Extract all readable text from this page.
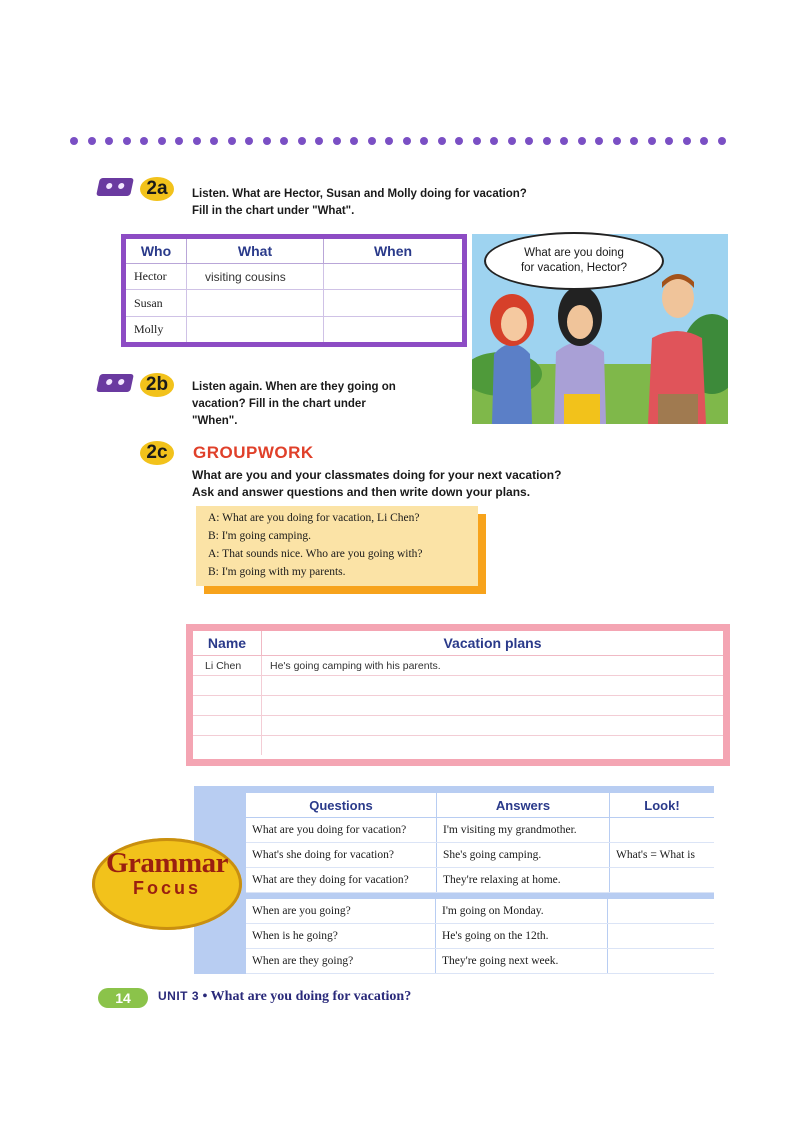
2a	Listen. What are Hector, Susan and Molly doing for vacation?
Fill in the chart under "What".
Who	What	When
Hector	visiting cousins	
Susan		
Molly		
What are you doing
for vacation, Hector?
2b	Listen again. When are they going on
vacation? Fill in the chart under
"When".
2c	GROUPWORK
What are you and your classmates doing for your next vacation?
Ask and answer questions and then write down your plans.
A: What are you doing for vacation, Li Chen?
B: I'm going camping.
A: That sounds nice. Who are you going with?
B: I'm going with my parents.
Name	Vacation plans
Li Chen	He's going camping with his parents.

Questions	Answers	Look!
What are you doing for vacation?	I'm visiting my grandmother.	
What's she doing for vacation?	She's going camping.	What's = What is
What are they doing for vacation?	They're relaxing at home.	
When are you going?	I'm going on Monday.	
When is he going?	He's going on the 12th.	
When are they going?	They're going next week.	
Grammar
Focus
14	UNIT 3 • What are you doing for vacation?
